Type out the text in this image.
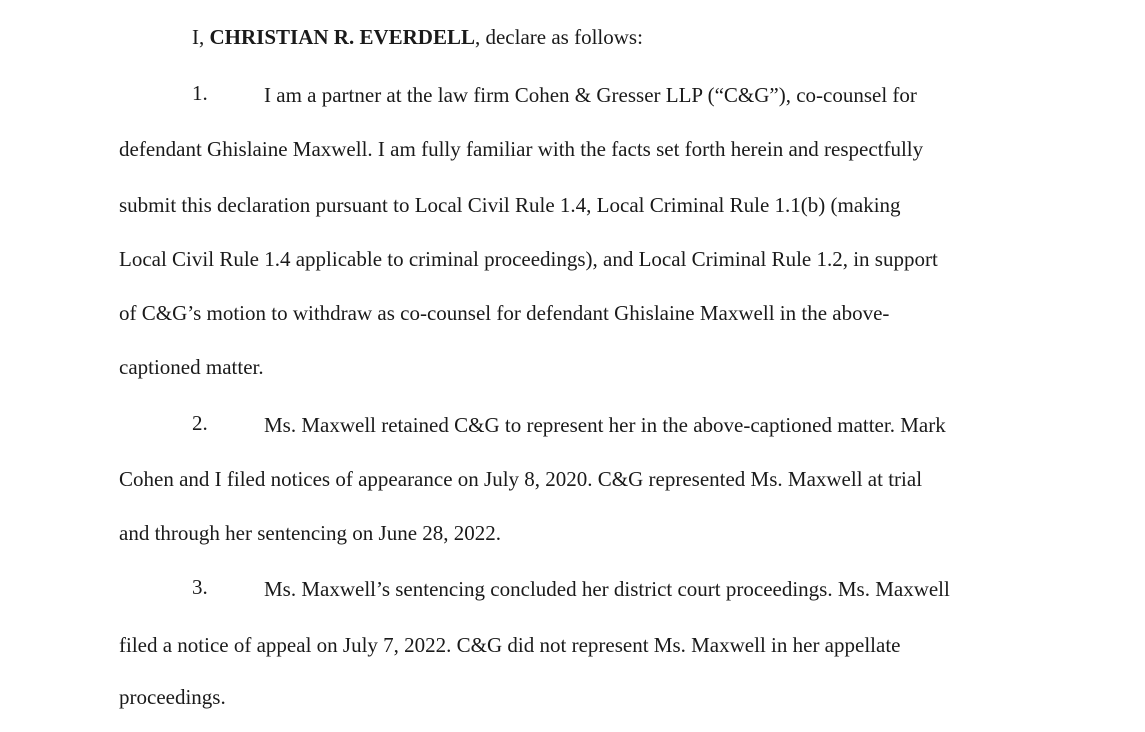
I, CHRISTIAN R. EVERDELL, declare as follows:

1.	I am a partner at the law firm Cohen & Gresser LLP (“C&G”), co-counsel for

defendant Ghislaine Maxwell. I am fully familiar with the facts set forth herein and respectfully

submit this declaration pursuant to Local Civil Rule 1.4, Local Criminal Rule 1.1(b) (making

Local Civil Rule 1.4 applicable to criminal proceedings), and Local Criminal Rule 1.2, in support

of C&G’s motion to withdraw as co-counsel for defendant Ghislaine Maxwell in the above-

captioned matter.

2.	Ms. Maxwell retained C&G to represent her in the above-captioned matter. Mark

Cohen and I filed notices of appearance on July 8, 2020. C&G represented Ms. Maxwell at trial

and through her sentencing on June 28, 2022.

3.	Ms. Maxwell’s sentencing concluded her district court proceedings. Ms. Maxwell

filed a notice of appeal on July 7, 2022. C&G did not represent Ms. Maxwell in her appellate

proceedings.
